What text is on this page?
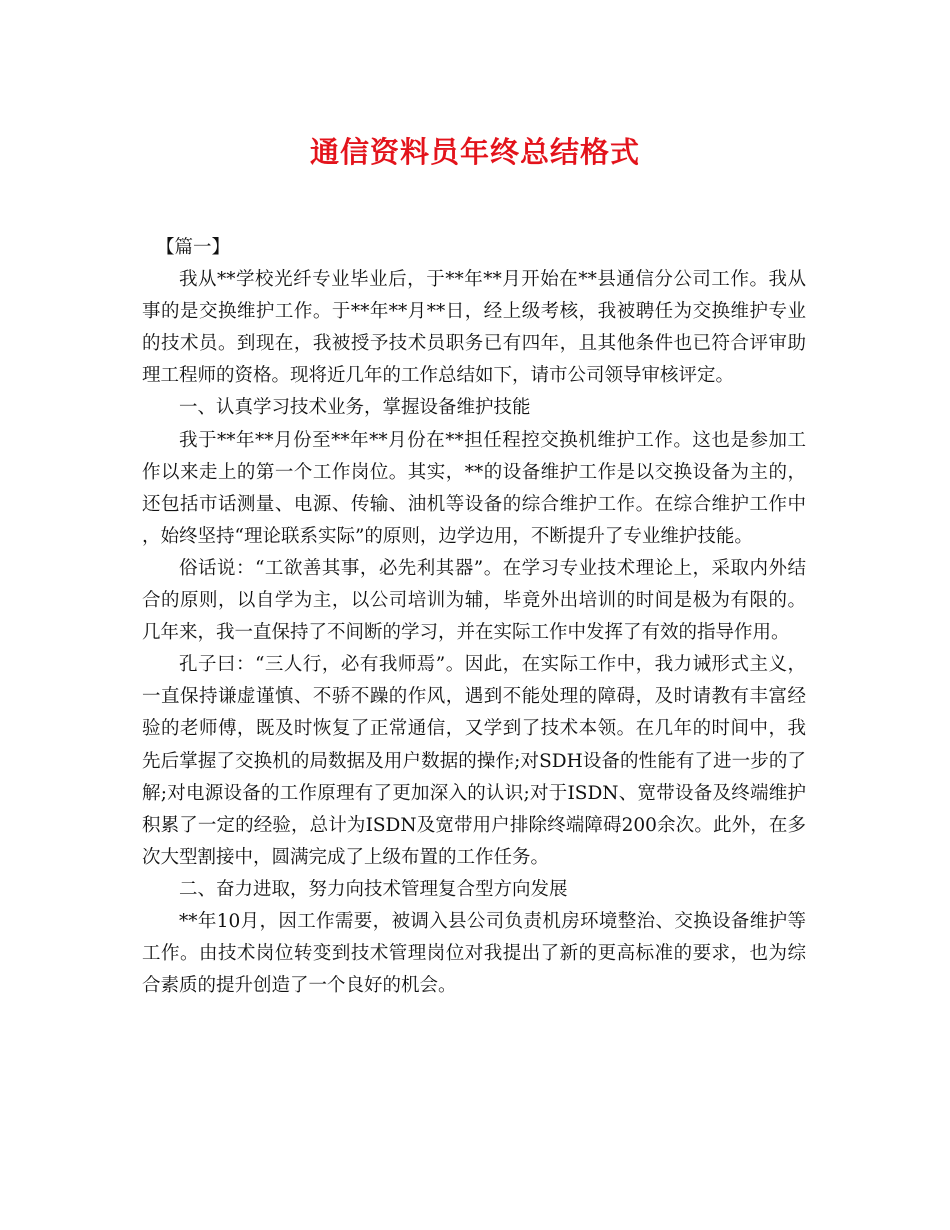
通信资料员年终总结格式

【篇一】

我从**学校光纤专业毕业后，于**年**月开始在**县通信分公司工作。我从事的是交换维护工作。于**年**月**日，经上级考核，我被聘任为交换维护专业的技术员。到现在，我被授予技术员职务已有四年，且其他条件也已符合评审助理工程师的资格。现将近几年的工作总结如下，请市公司领导审核评定。

一、认真学习技术业务，掌握设备维护技能

我于**年**月份至**年**月份在**担任程控交换机维护工作。这也是参加工作以来走上的第一个工作岗位。其实，**的设备维护工作是以交换设备为主的，还包括市话测量、电源、传输、油机等设备的综合维护工作。在综合维护工作中，始终坚持“理论联系实际”的原则，边学边用，不断提升了专业维护技能。

俗话说：“工欲善其事，必先利其器”。在学习专业技术理论上，采取内外结合的原则，以自学为主，以公司培训为辅，毕竟外出培训的时间是极为有限的。几年来，我一直保持了不间断的学习，并在实际工作中发挥了有效的指导作用。

孔子曰：“三人行，必有我师焉”。因此，在实际工作中，我力诫形式主义，一直保持谦虚谨慎、不骄不躁的作风，遇到不能处理的障碍，及时请教有丰富经验的老师傅，既及时恢复了正常通信，又学到了技术本领。在几年的时间中，我先后掌握了交换机的局数据及用户数据的操作;对SDH设备的性能有了进一步的了解;对电源设备的工作原理有了更加深入的认识;对于ISDN、宽带设备及终端维护积累了一定的经验，总计为ISDN及宽带用户排除终端障碍200余次。此外，在多次大型割接中，圆满完成了上级布置的工作任务。

二、奋力进取，努力向技术管理复合型方向发展

**年10月，因工作需要，被调入县公司负责机房环境整治、交换设备维护等工作。由技术岗位转变到技术管理岗位对我提出了新的更高标准的要求，也为综合素质的提升创造了一个良好的机会。
